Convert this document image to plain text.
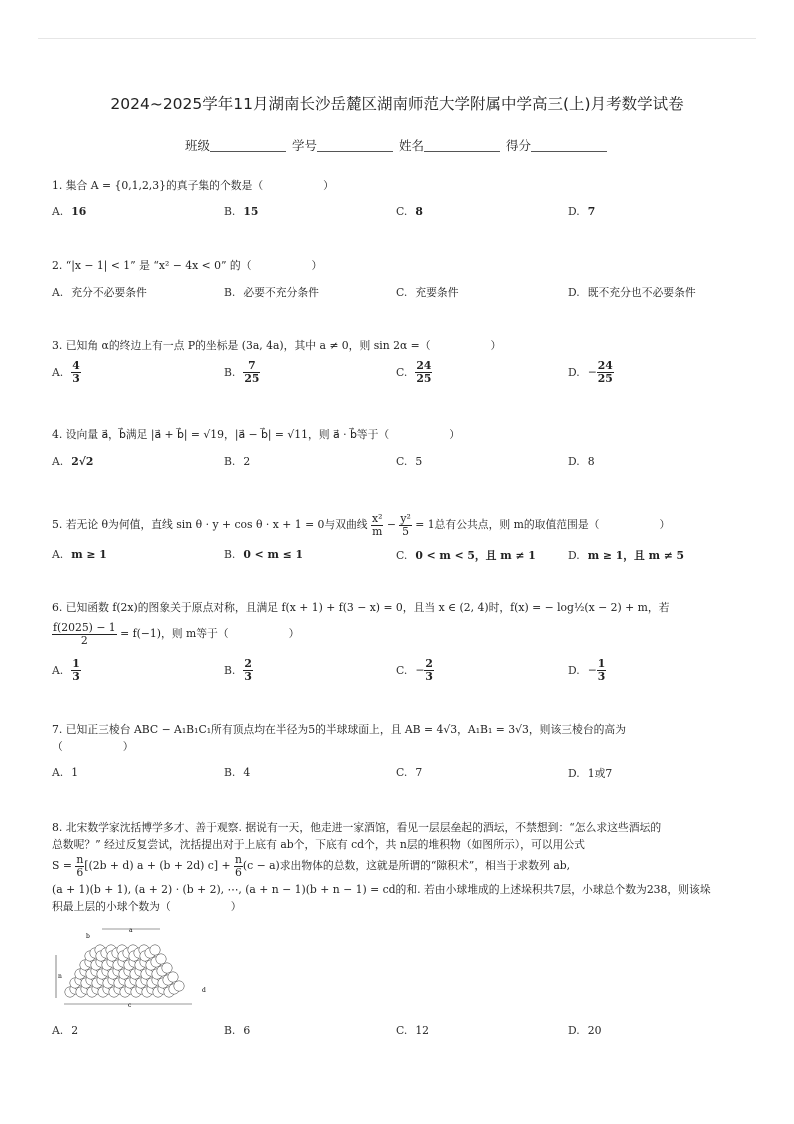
2024~2025学年11月湖南长沙岳麓区湖南师范大学附属中学高三(上)月考数学试卷
班级	学号	姓名	得分
1. 集合 A = {0,1,2,3}的真子集的个数是（	）
A. 16	B. 15	C. 8	D. 7
2. “|x − 1| < 1” 是 “x² − 4x < 0” 的（	）
A. 充分不必要条件	B. 必要不充分条件	C. 充要条件	D. 既不充分也不必要条件
3. 已知角 α的终边上有一点 P的坐标是 (3a, 4a)，其中 a ≠ 0，则 sin 2α =（	）
A. $\frac{4}{3}$	B. $\frac{7}{25}$	C. $\frac{24}{25}$	D. − $\frac{24}{25}$
4. 设向量 a⃗，b⃗满足 |a⃗ + b⃗| = √19，|a⃗ − b⃗| = √11，则 a⃗ · b⃗等于（	）
A. 2√2	B. 2	C. 5	D. 8
5. 若无论 θ为何值，直线 sin θ · y + cos θ · x + 1 = 0与双曲线 $\frac{\text{x²}}{m} - \frac{\text{y²}}{5} = 1$总有公共点，则 m的取值范围是（	）
A. m ≥ 1	B. 0 < m ≤ 1	C. 0 < m < 5，且 m ≠ 1	D. m ≥ 1，且 m ≠ 5
6. 已知函数 f(2x)的图象关于原点对称，且满足 f(x + 1) + f(3 − x) = 0，且当 x ∈ (2, 4)时，f(x) = − log½(x − 2) + m，若
$\frac{f(2025) - 1}{2} = f(-1)$，则 m等于（	）
A. $\frac{1}{3}$	B. $\frac{2}{3}$	C. − $\frac{2}{3}$	D. − $\frac{1}{3}$
7. 已知正三棱台 ABC − A₁B₁C₁所有顶点均在半径为5的半球球面上，且 AB = 4√3，A₁B₁ = 3√3，则该三棱台的高为
（	）
A. 1	B. 4	C. 7	D. 1或7
8. 北宋数学家沈括博学多才、善于观察. 据说有一天，他走进一家酒馆，看见一层层垒起的酒坛，不禁想到：“怎么求这些酒坛的
总数呢？” 经过反复尝试，沈括提出对于上底有 ab个，下底有 cd个，共 n层的堆积物（如图所示），可以用公式
$S = \frac{n}{6} [(2b + d) a + (b + 2d) c] + \frac{n}{6} (c - a)$求出物体的总数，这就是所谓的“隙积术”，相当于求数列 ab,
(a + 1)(b + 1), (a + 2) · (b + 2), ⋯, (a + n − 1)(b + n − 1) = cd的和. 若由小球堆成的上述垛积共7层，小球总个数为238，则该垛
积最上层的小球个数为（	）
a
b
n
d
c
A. 2	B. 6	C. 12	D. 20
